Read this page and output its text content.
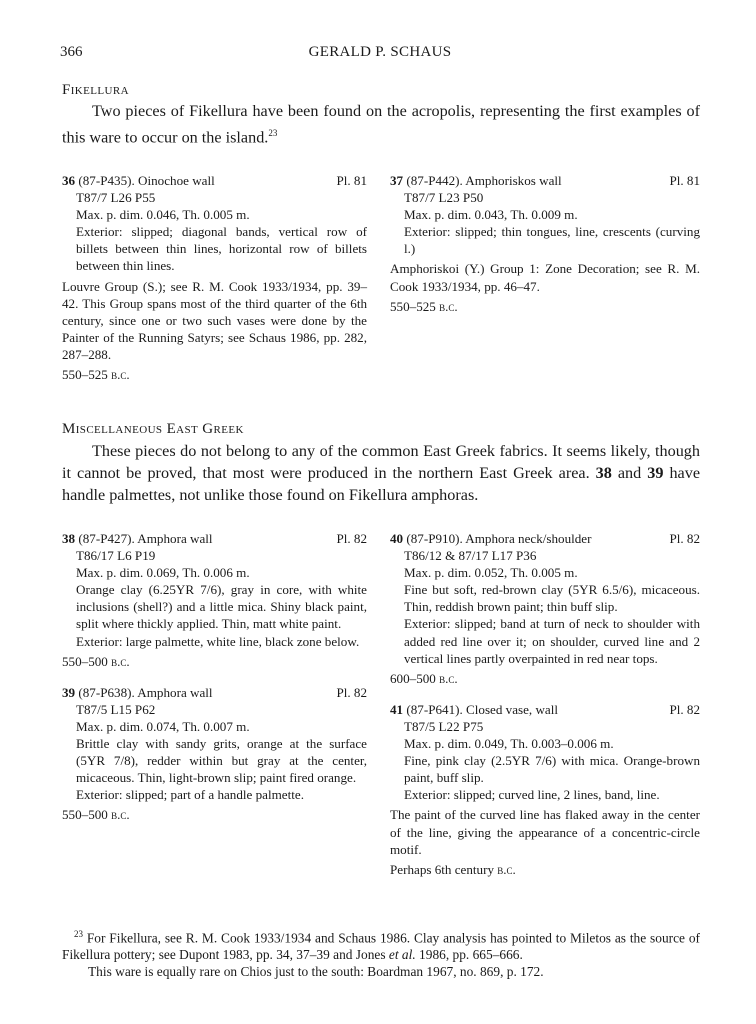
366	GERALD P. SCHAUS
Fikellura
Two pieces of Fikellura have been found on the acropolis, representing the first examples of this ware to occur on the island.$^{23}$
36 (87-P435). Oinochoe wall	Pl. 81
T87/7 L26 P55
Max. p. dim. 0.046, Th. 0.005 m.
Exterior: slipped; diagonal bands, vertical row of billets between thin lines, horizontal row of billets between thin lines.
Louvre Group (S.); see R. M. Cook 1933/1934, pp. 39–42. This Group spans most of the third quarter of the 6th century, since one or two such vases were done by the Painter of the Running Satyrs; see Schaus 1986, pp. 282, 287–288.
550–525 b.c.
37 (87-P442). Amphoriskos wall	Pl. 81
T87/7 L23 P50
Max. p. dim. 0.043, Th. 0.009 m.
Exterior: slipped; thin tongues, line, crescents (curving l.)
Amphoriskoi (Y.) Group 1: Zone Decoration; see R. M. Cook 1933/1934, pp. 46–47.
550–525 b.c.
Miscellaneous East Greek
These pieces do not belong to any of the common East Greek fabrics. It seems likely, though it cannot be proved, that most were produced in the northern East Greek area. 38 and 39 have handle palmettes, not unlike those found on Fikellura amphoras.
38 (87-P427). Amphora wall	Pl. 82
T86/17 L6 P19
Max. p. dim. 0.069, Th. 0.006 m.
Orange clay (6.25YR 7/6), gray in core, with white inclusions (shell?) and a little mica. Shiny black paint, split where thickly applied. Thin, matt white paint.
Exterior: large palmette, white line, black zone below.
550–500 b.c.
39 (87-P638). Amphora wall	Pl. 82
T87/5 L15 P62
Max. p. dim. 0.074, Th. 0.007 m.
Brittle clay with sandy grits, orange at the surface (5YR 7/8), redder within but gray at the center, micaceous. Thin, light-brown slip; paint fired orange.
Exterior: slipped; part of a handle palmette.
550–500 b.c.
40 (87-P910). Amphora neck/shoulder	Pl. 82
T86/12 & 87/17 L17 P36
Max. p. dim. 0.052, Th. 0.005 m.
Fine but soft, red-brown clay (5YR 6.5/6), micaceous. Thin, reddish brown paint; thin buff slip.
Exterior: slipped; band at turn of neck to shoulder with added red line over it; on shoulder, curved line and 2 vertical lines partly overpainted in red near tops.
600–500 b.c.
41 (87-P641). Closed vase, wall	Pl. 82
T87/5 L22 P75
Max. p. dim. 0.049, Th. 0.003–0.006 m.
Fine, pink clay (2.5YR 7/6) with mica. Orange-brown paint, buff slip.
Exterior: slipped; curved line, 2 lines, band, line.
The paint of the curved line has flaked away in the center of the line, giving the appearance of a concentric-circle motif.
Perhaps 6th century b.c.
$^{23}$ For Fikellura, see R. M. Cook 1933/1934 and Schaus 1986. Clay analysis has pointed to Miletos as the source of Fikellura pottery; see Dupont 1983, pp. 34, 37–39 and Jones et al. 1986, pp. 665–666.
This ware is equally rare on Chios just to the south: Boardman 1967, no. 869, p. 172.
